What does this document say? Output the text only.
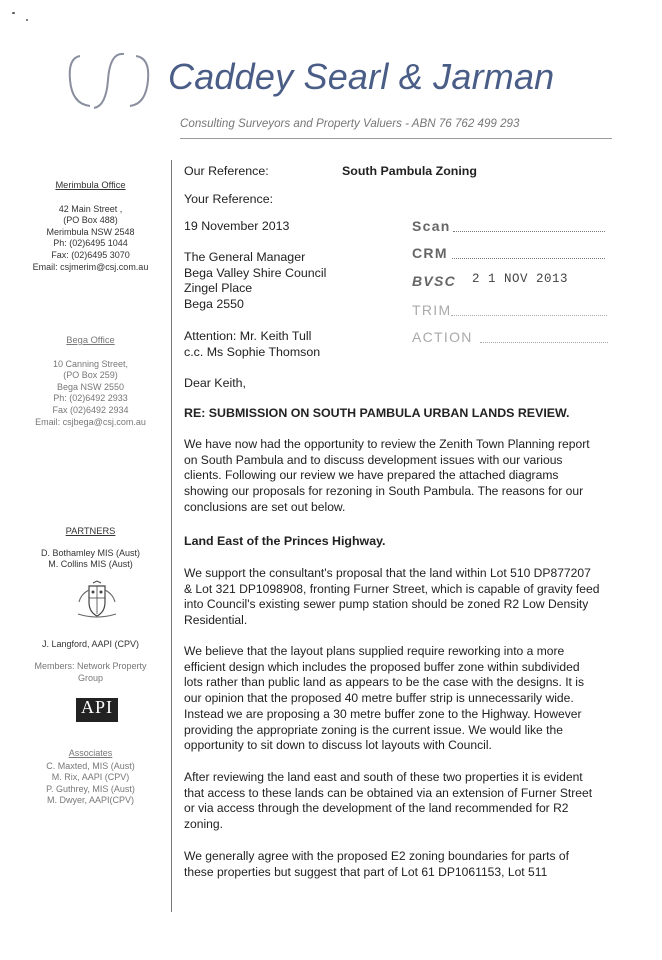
Caddey Searl & Jarman
Consulting Surveyors and Property Valuers - ABN 76 762 499 293
Merimbula Office
42 Main Street ,
(PO Box 488)
Merimbula NSW 2548
Ph: (02)6495 1044
Fax: (02)6495 3070
Email: csjmerim@csj.com.au
Bega Office
10 Canning Street,
(PO Box 259)
Bega NSW 2550
Ph: (02)6492 2933
Fax (02)6492 2934
Email: csjbega@csj.com.au
PARTNERS
D. Bothamley MIS (Aust)
M. Collins MIS (Aust)
J. Langford, AAPI (CPV)
Members: Network Property
Group
API
Associates
C. Maxted, MIS (Aust)
M. Rix, AAPI (CPV)
P. Guthrey, MIS (Aust)
M. Dwyer, AAPI(CPV)
Our Reference:	South Pambula Zoning
Your Reference:
19 November 2013
The General Manager
Bega Valley Shire Council
Zingel Place
Bega 2550
Attention: Mr. Keith Tull
c.c. Ms Sophie Thomson
Scan
CRM
BVSC 2 1 NOV 2013
TRIM
ACTION
Dear Keith,
RE: SUBMISSION ON SOUTH PAMBULA URBAN LANDS REVIEW.
We have now had the opportunity to review the Zenith Town Planning report
on South Pambula and to discuss development issues with our various
clients. Following our review we have prepared the attached diagrams
showing our proposals for rezoning in South Pambula. The reasons for our
conclusions are set out below.
Land East of the Princes Highway.
We support the consultant's proposal that the land within Lot 510 DP877207
& Lot 321 DP1098908, fronting Furner Street, which is capable of gravity feed
into Council's existing sewer pump station should be zoned R2 Low Density
Residential.
We believe that the layout plans supplied require reworking into a more
efficient design which includes the proposed buffer zone within subdivided
lots rather than public land as appears to be the case with the designs. It is
our opinion that the proposed 40 metre buffer strip is unnecessarily wide.
Instead we are proposing a 30 metre buffer zone to the Highway. However
providing the appropriate zoning is the current issue. We would like the
opportunity to sit down to discuss lot layouts with Council.
After reviewing the land east and south of these two properties it is evident
that access to these lands can be obtained via an extension of Furner Street
or via access through the development of the land recommended for R2
zoning.
We generally agree with the proposed E2 zoning boundaries for parts of
these properties but suggest that part of Lot 61 DP1061153, Lot 511
